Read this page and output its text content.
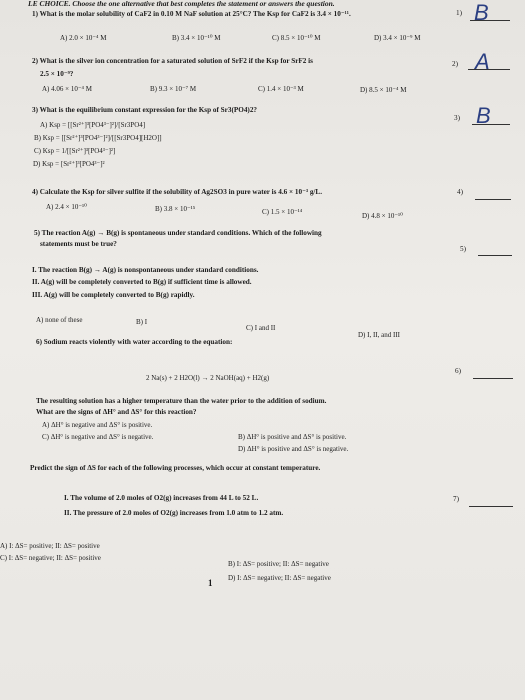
LE CHOICE. Choose the one alternative that best completes the statement or answers the question.
1) What is the molar solubility of CaF2 in 0.10 M NaF solution at 25°C? The Ksp for CaF2 is 3.4 × 10⁻¹¹.	1) B
A) 2.0 × 10⁻⁴ M	B) 3.4 × 10⁻¹⁰ M	C) 8.5 × 10⁻¹⁰ M	D) 3.4 × 10⁻⁹ M
2) What is the silver ion concentration for a saturated solution of SrF2 if the Ksp for SrF2 is
2.5 × 10⁻⁹?
2) A
A) 4.06 × 10⁻⁴ M	B) 9.3 × 10⁻⁷ M	C) 1.4 × 10⁻³ M	D) 8.5 × 10⁻⁴ M
3) What is the equilibrium constant expression for the Ksp of Sr3(PO4)2?
3) B
A) Ksp = [[Sr²⁺]³[PO4³⁻]²]/[Sr3PO4]
B) Ksp = [[Sr²⁺]³[PO4³⁻]²]/[[Sr3PO4][H2O]]
C) Ksp = 1/[[Sr²⁺]³[PO4³⁻]²]
D) Ksp = [Sr²⁺]³[PO4³⁻]²
4) Calculate the Ksp for silver sulfite if the solubility of Ag2SO3 in pure water is 4.6 × 10⁻³ g/L.	4)
A) 2.4 × 10⁻¹⁰	B) 3.8 × 10⁻¹⁵	C) 1.5 × 10⁻¹⁴	D) 4.8 × 10⁻¹⁰
5) The reaction A(g) → B(g) is spontaneous under standard conditions. Which of the following
statements must be true?
5)
I. The reaction B(g) → A(g) is nonspontaneous under standard conditions.
II. A(g) will be completely converted to B(g) if sufficient time is allowed.
III. A(g) will be completely converted to B(g) rapidly.
A) none of these	B) I
C) I and II
D) I, II, and III
6) Sodium reacts violently with water according to the equation:
6)
2 Na(s) + 2 H2O(l) → 2 NaOH(aq) + H2(g)
The resulting solution has a higher temperature than the water prior to the addition of sodium.
What are the signs of ΔH° and ΔS° for this reaction?
A) ΔH° is negative and ΔS° is positive.
C) ΔH° is negative and ΔS° is negative.	B) ΔH° is positive and ΔS° is positive.
D) ΔH° is positive and ΔS° is negative.
Predict the sign of ΔS for each of the following processes, which occur at constant temperature.
7)
I. The volume of 2.0 moles of O2(g) increases from 44 L to 52 L.
II. The pressure of 2.0 moles of O2(g) increases from 1.0 atm to 1.2 atm.
A) I: ΔS= positive; II: ΔS= positive
C) I: ΔS= negative; II: ΔS= positive
B) I: ΔS= positive; II: ΔS= negative
D) I: ΔS= negative; II: ΔS= negative
1
